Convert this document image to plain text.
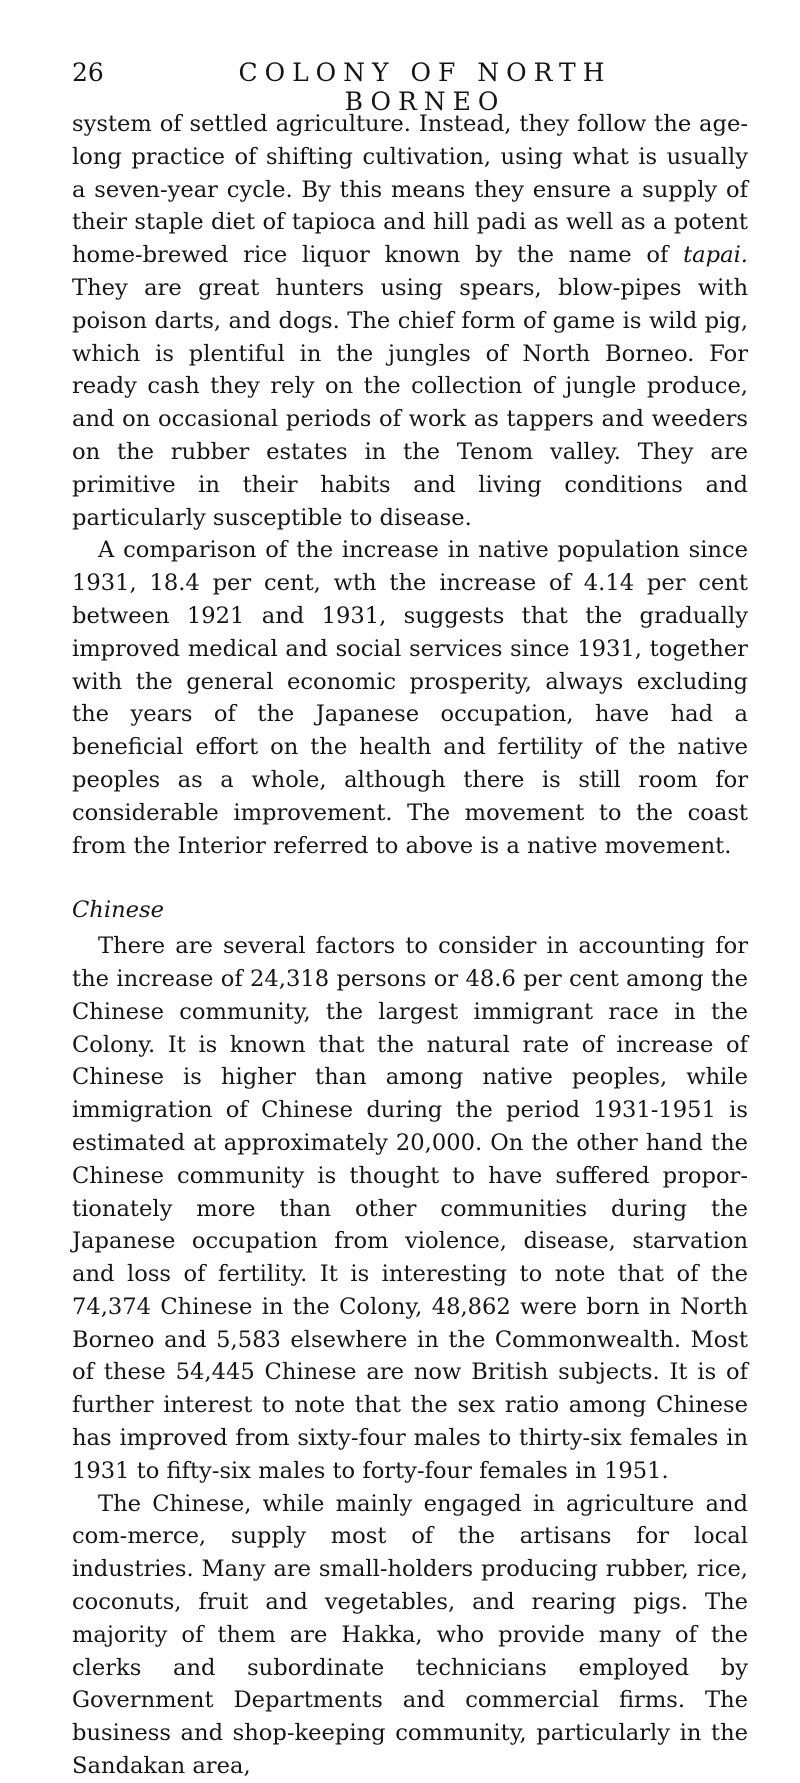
26	COLONY OF NORTH BORNEO

system of settled agriculture. Instead, they follow the age-long practice of shifting cultivation, using what is usually a seven-year cycle. By this means they ensure a supply of their staple diet of tapioca and hill padi as well as a potent home-brewed rice liquor known by the name of tapai. They are great hunters using spears, blow-pipes with poison darts, and dogs. The chief form of game is wild pig, which is plentiful in the jungles of North Borneo. For ready cash they rely on the collection of jungle produce, and on occasional periods of work as tappers and weeders on the rubber estates in the Tenom valley. They are primitive in their habits and living conditions and particularly susceptible to disease.

A comparison of the increase in native population since 1931, 18.4 per cent, wth the increase of 4.14 per cent between 1921 and 1931, suggests that the gradually improved medical and social services since 1931, together with the general economic prosperity, always excluding the years of the Japanese occupation, have had a beneficial effort on the health and fertility of the native peoples as a whole, although there is still room for considerable improvement. The movement to the coast from the Interior referred to above is a native movement.

Chinese

There are several factors to consider in accounting for the increase of 24,318 persons or 48.6 per cent among the Chinese community, the largest immigrant race in the Colony. It is known that the natural rate of increase of Chinese is higher than among native peoples, while immigration of Chinese during the period 1931-1951 is estimated at approximately 20,000. On the other hand the Chinese community is thought to have suffered propor-tionately more than other communities during the Japanese occupation from violence, disease, starvation and loss of fertility. It is interesting to note that of the 74,374 Chinese in the Colony, 48,862 were born in North Borneo and 5,583 elsewhere in the Commonwealth. Most of these 54,445 Chinese are now British subjects. It is of further interest to note that the sex ratio among Chinese has improved from sixty-four males to thirty-six females in 1931 to fifty-six males to forty-four females in 1951.

The Chinese, while mainly engaged in agriculture and com-merce, supply most of the artisans for local industries. Many are small-holders producing rubber, rice, coconuts, fruit and vegetables, and rearing pigs. The majority of them are Hakka, who provide many of the clerks and subordinate technicians employed by Government Departments and commercial firms. The business and shop-keeping community, particularly in the Sandakan area,
